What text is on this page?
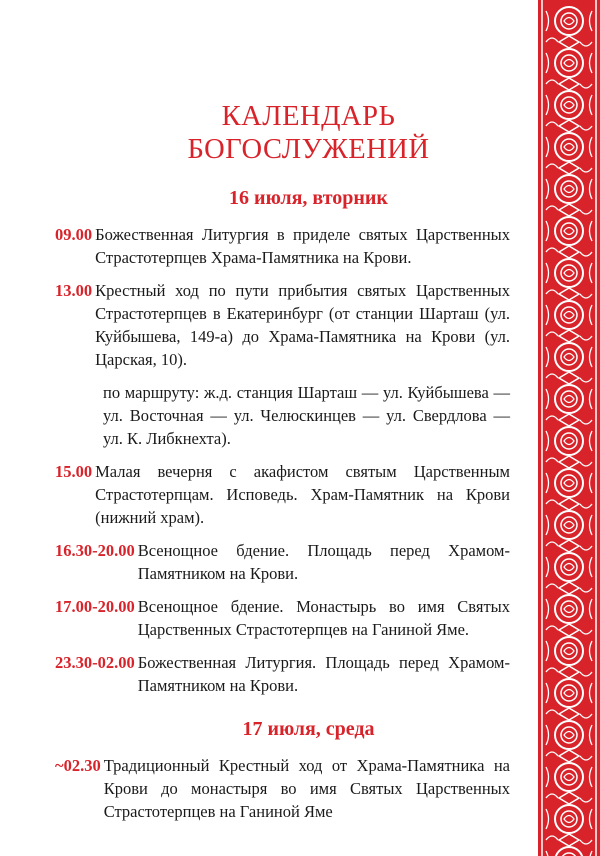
КАЛЕНДАРЬ
БОГОСЛУЖЕНИЙ
16 июля, вторник
09.00 Божественная Литургия в приделе святых Царственных Страстотерпцев Храма-Памятника на Крови.
13.00 Крестный ход по пути прибытия святых Царственных Страстотерпцев в Екатеринбург (от станции Шарташ (ул. Куйбышева, 149-а) до Храма-Памятника на Крови (ул. Царская, 10).
по маршруту: ж.д. станция Шарташ — ул. Куйбышева — ул. Восточная — ул. Челюскинцев — ул. Свердлова — ул. К. Либкнехта).
15.00 Малая вечерня с акафистом святым Царственным Страстотерпцам. Исповедь. Храм-Памятник на Крови (нижний храм).
16.30-20.00 Всенощное бдение. Площадь перед Храмом-Памятником на Крови.
17.00-20.00 Всенощное бдение. Монастырь во имя Святых Царственных Страстотерпцев на Ганиной Яме.
23.30-02.00 Божественная Литургия. Площадь перед Храмом-Памятником на Крови.
17 июля, среда
~02.30 Традиционный Крестный ход от Храма-Памятника на Крови до монастыря во имя Святых Царственных Страстотерпцев на Ганиной Яме
